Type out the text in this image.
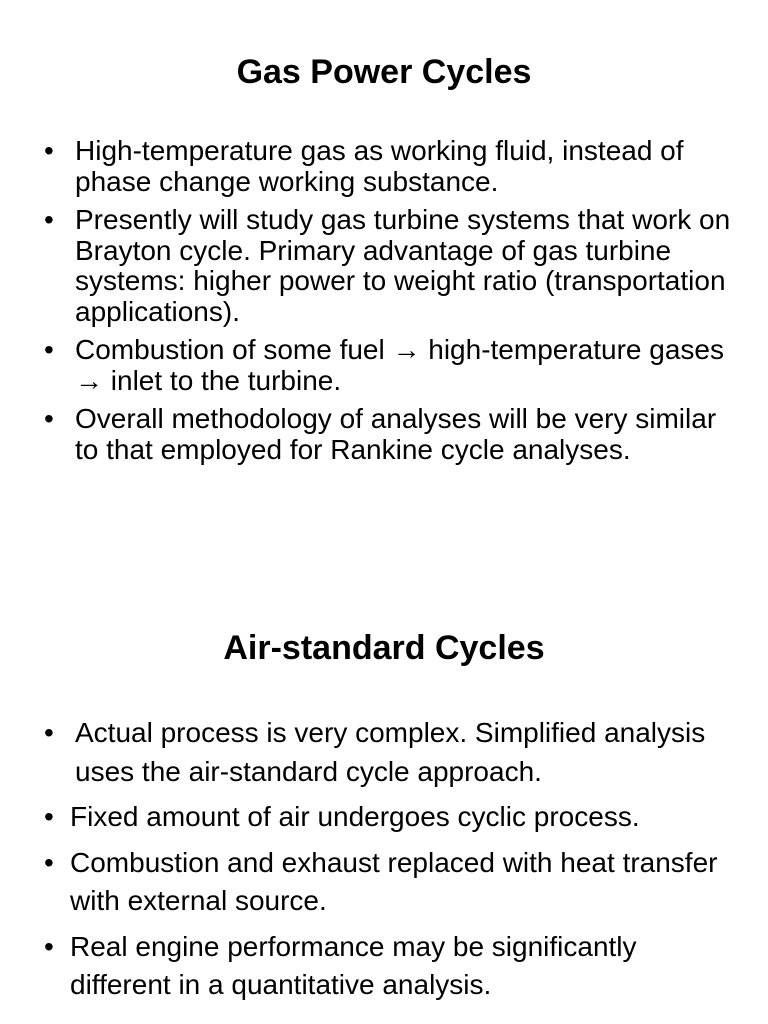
Gas Power Cycles
• High-temperature gas as working fluid, instead of phase change working substance.
• Presently will study gas turbine systems that work on Brayton cycle. Primary advantage of gas turbine systems: higher power to weight ratio (transportation applications).
• Combustion of some fuel → high-temperature gases → inlet to the turbine.
• Overall methodology of analyses will be very similar to that employed for Rankine cycle analyses.
Air-standard Cycles
• Actual process is very complex. Simplified analysis uses the air-standard cycle approach.
• Fixed amount of air undergoes cyclic process.
• Combustion and exhaust replaced with heat transfer with external source.
• Real engine performance may be significantly different in a quantitative analysis.
